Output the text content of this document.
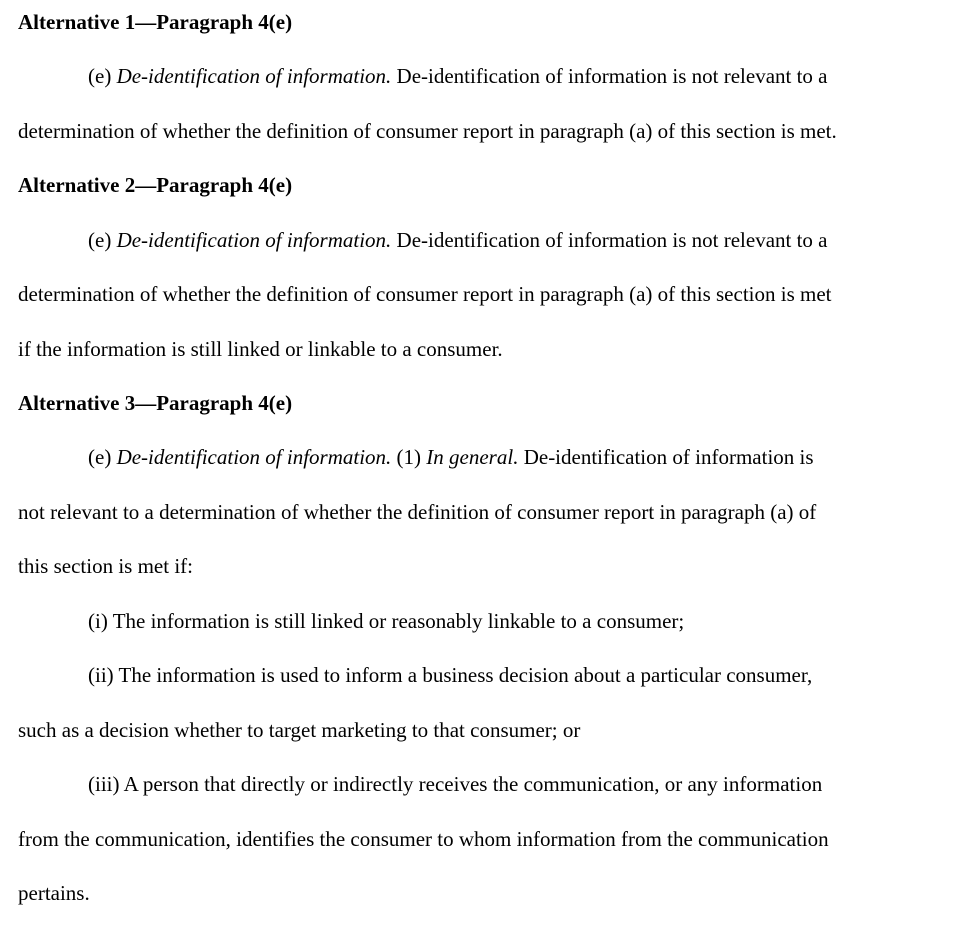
Alternative 1—Paragraph 4(e)
(e) De-identification of information. De-identification of information is not relevant to a
determination of whether the definition of consumer report in paragraph (a) of this section is met.
Alternative 2—Paragraph 4(e)
(e) De-identification of information. De-identification of information is not relevant to a
determination of whether the definition of consumer report in paragraph (a) of this section is met
if the information is still linked or linkable to a consumer.
Alternative 3—Paragraph 4(e)
(e) De-identification of information. (1) In general. De-identification of information is
not relevant to a determination of whether the definition of consumer report in paragraph (a) of
this section is met if:
(i) The information is still linked or reasonably linkable to a consumer;
(ii) The information is used to inform a business decision about a particular consumer,
such as a decision whether to target marketing to that consumer; or
(iii) A person that directly or indirectly receives the communication, or any information
from the communication, identifies the consumer to whom information from the communication
pertains.
